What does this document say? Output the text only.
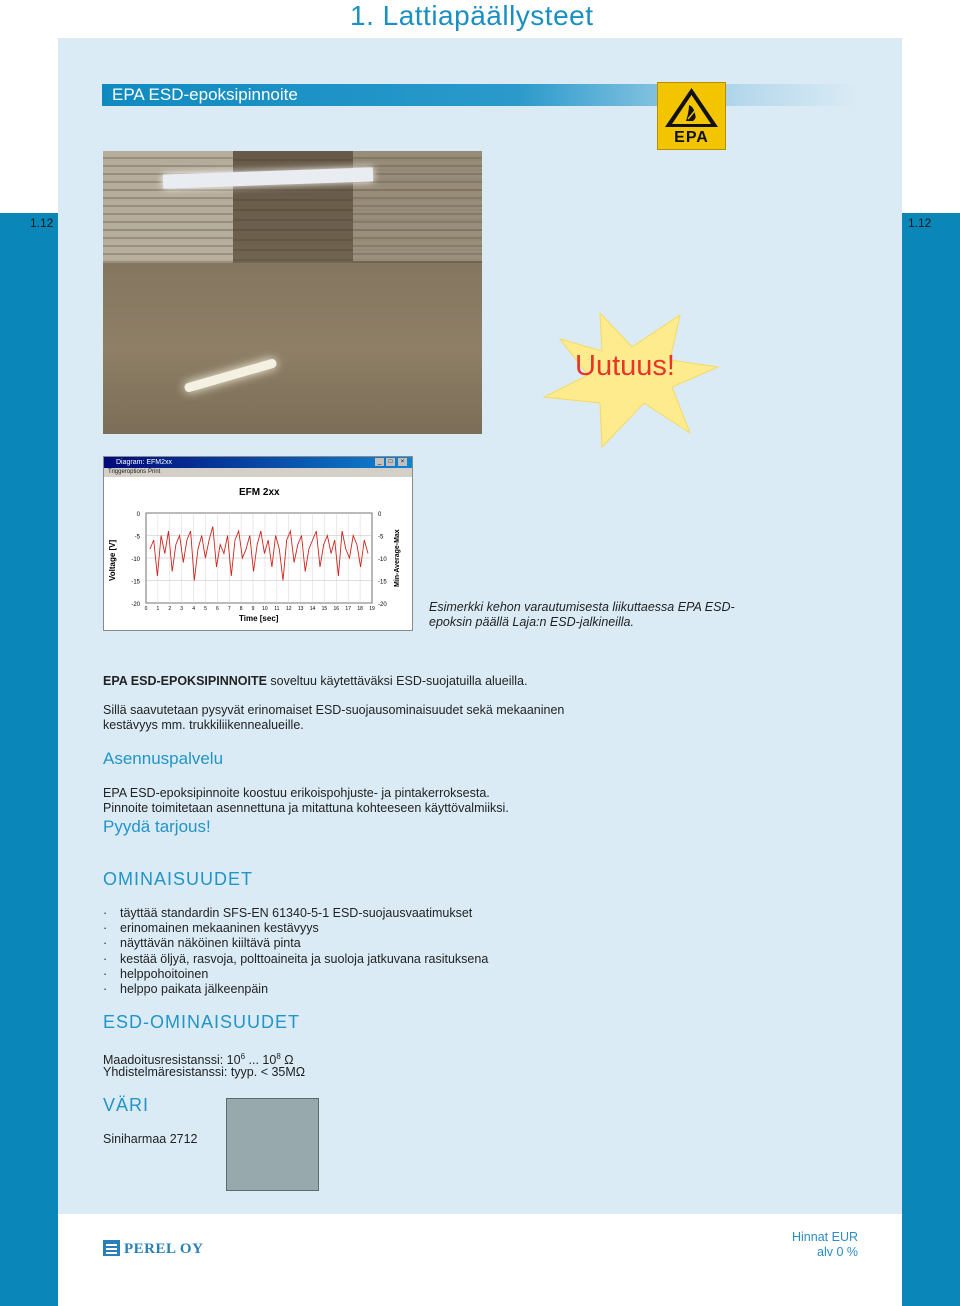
1.12	1.12
1. Lattiapäällysteet
EPA ESD-epoksipinnoite
EPA
Uutuus!
Diagram: EFM2xx	_	□	×
Triggeroptions Print
EFM 2xx
Voltage [V]	Min-Average-Max
Time [sec]
0	0
-5	-5
-10	-10
-15	-15
-20	-20
0 1 2 3 4 5 6 7 8 9 10 11 12 13 14 15 16 17 18 19	Esimerkki kehon varautumisesta liikuttaessa EPA ESD-epoksin päällä Laja:n ESD-jalkineilla.
EPA ESD-EPOKSIPINNOITE soveltuu käytettäväksi ESD-suojatuilla alueilla.
Sillä saavutetaan pysyvät erinomaiset ESD-suojausominaisuudet sekä mekaaninen kestävyys mm. trukkiliikennealueille.
Asennuspalvelu
EPA ESD-epoksipinnoite koostuu erikoispohjuste- ja pintakerroksesta.
Pinnoite toimitetaan asennettuna ja mitattuna kohteeseen käyttövalmiiksi.
Pyydä tarjous!
OMINAISUUDET
· täyttää standardin SFS-EN 61340-5-1 ESD-suojausvaatimukset
· erinomainen mekaaninen kestävyys
· näyttävän näköinen kiiltävä pinta
· kestää öljyä, rasvoja, polttoaineita ja suoloja jatkuvana rasituksena
· helppohoitoinen
· helppo paikata jälkeenpäin
ESD-OMINAISUUDET
Maadoitusresistanssi: $10^6$ ... $10^8$ Ω
Yhdistelmäresistanssi: tyyp. < 35MΩ
VÄRI
Siniharmaa 2712
PEREL OY
Hinnat EUR
alv 0 %
